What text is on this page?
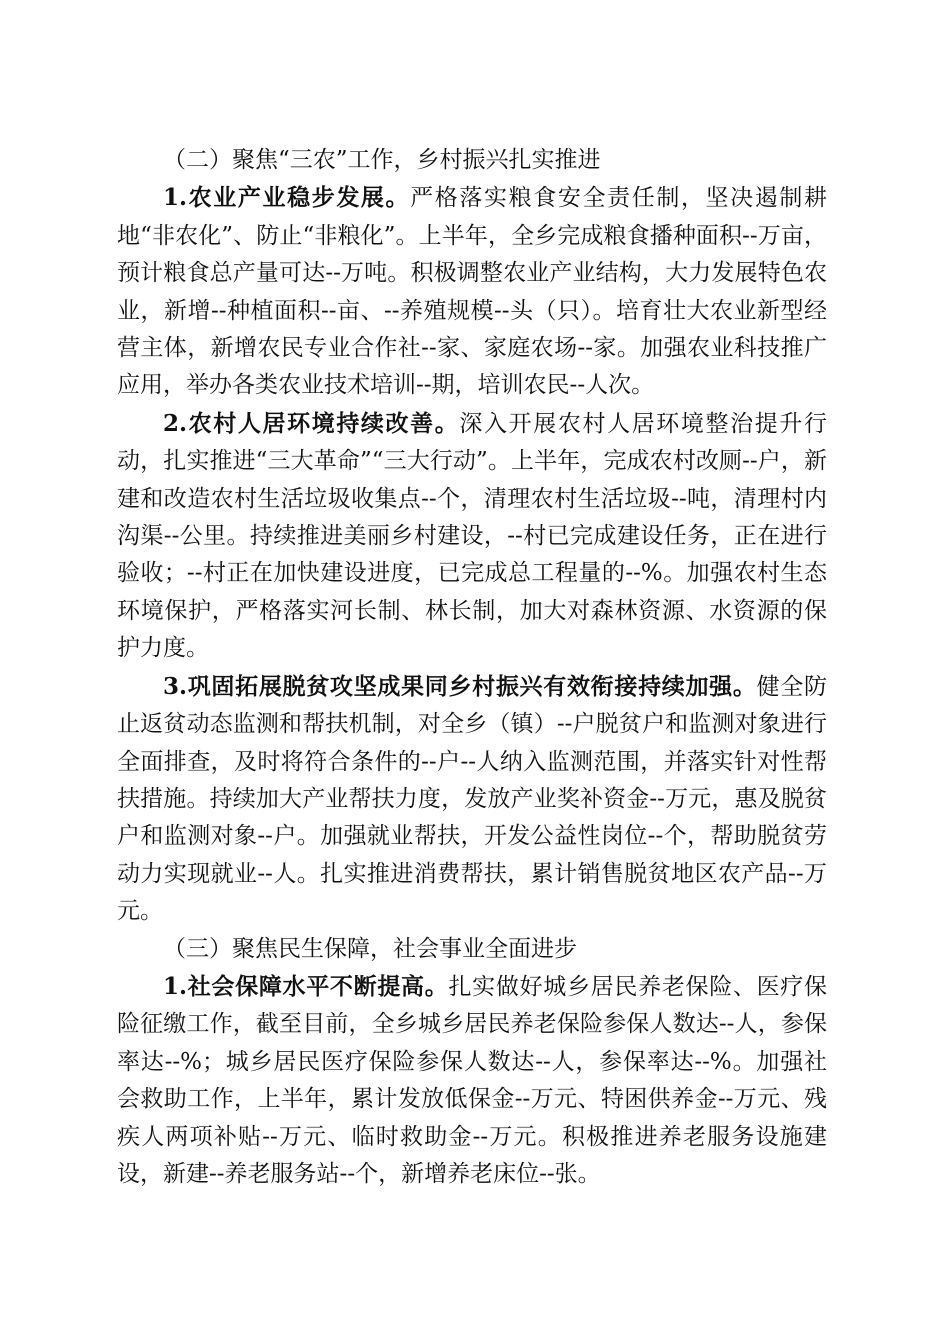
（二）聚焦“三农”工作，乡村振兴扎实推进

1.农业产业稳步发展。严格落实粮食安全责任制，坚决遏制耕地“非农化”、防止“非粮化”。上半年，全乡完成粮食播种面积--万亩，预计粮食总产量可达--万吨。积极调整农业产业结构，大力发展特色农业，新增--种植面积--亩、--养殖规模--头（只）。培育壮大农业新型经营主体，新增农民专业合作社--家、家庭农场--家。加强农业科技推广应用，举办各类农业技术培训--期，培训农民--人次。

2.农村人居环境持续改善。深入开展农村人居环境整治提升行动，扎实推进“三大革命”“三大行动”。上半年，完成农村改厕--户，新建和改造农村生活垃圾收集点--个，清理农村生活垃圾--吨，清理村内沟渠--公里。持续推进美丽乡村建设，--村已完成建设任务，正在进行验收；--村正在加快建设进度，已完成总工程量的--%。加强农村生态环境保护，严格落实河长制、林长制，加大对森林资源、水资源的保护力度。

3.巩固拓展脱贫攻坚成果同乡村振兴有效衔接持续加强。健全防止返贫动态监测和帮扶机制，对全乡（镇）--户脱贫户和监测对象进行全面排查，及时将符合条件的--户--人纳入监测范围，并落实针对性帮扶措施。持续加大产业帮扶力度，发放产业奖补资金--万元，惠及脱贫户和监测对象--户。加强就业帮扶，开发公益性岗位--个，帮助脱贫劳动力实现就业--人。扎实推进消费帮扶，累计销售脱贫地区农产品--万元。

（三）聚焦民生保障，社会事业全面进步

1.社会保障水平不断提高。扎实做好城乡居民养老保险、医疗保险征缴工作，截至目前，全乡城乡居民养老保险参保人数达--人，参保率达--%；城乡居民医疗保险参保人数达--人，参保率达--%。加强社会救助工作，上半年，累计发放低保金--万元、特困供养金--万元、残疾人两项补贴--万元、临时救助金--万元。积极推进养老服务设施建设，新建--养老服务站--个，新增养老床位--张。
